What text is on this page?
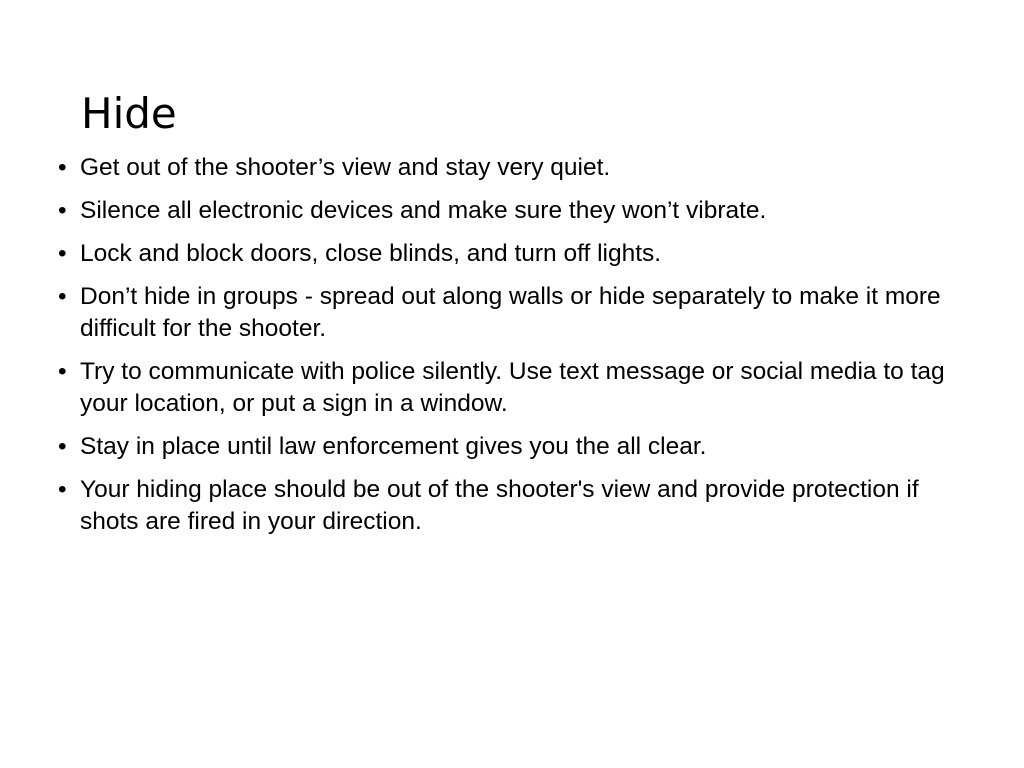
Hide
• Get out of the shooter’s view and stay very quiet.
• Silence all electronic devices and make sure they won’t vibrate.
• Lock and block doors, close blinds, and turn off lights.
• Don’t hide in groups - spread out along walls or hide separately to make it more difficult for the shooter.
• Try to communicate with police silently. Use text message or social media to tag your location, or put a sign in a window.
• Stay in place until law enforcement gives you the all clear.
• Your hiding place should be out of the shooter's view and provide protection if shots are fired in your direction.
